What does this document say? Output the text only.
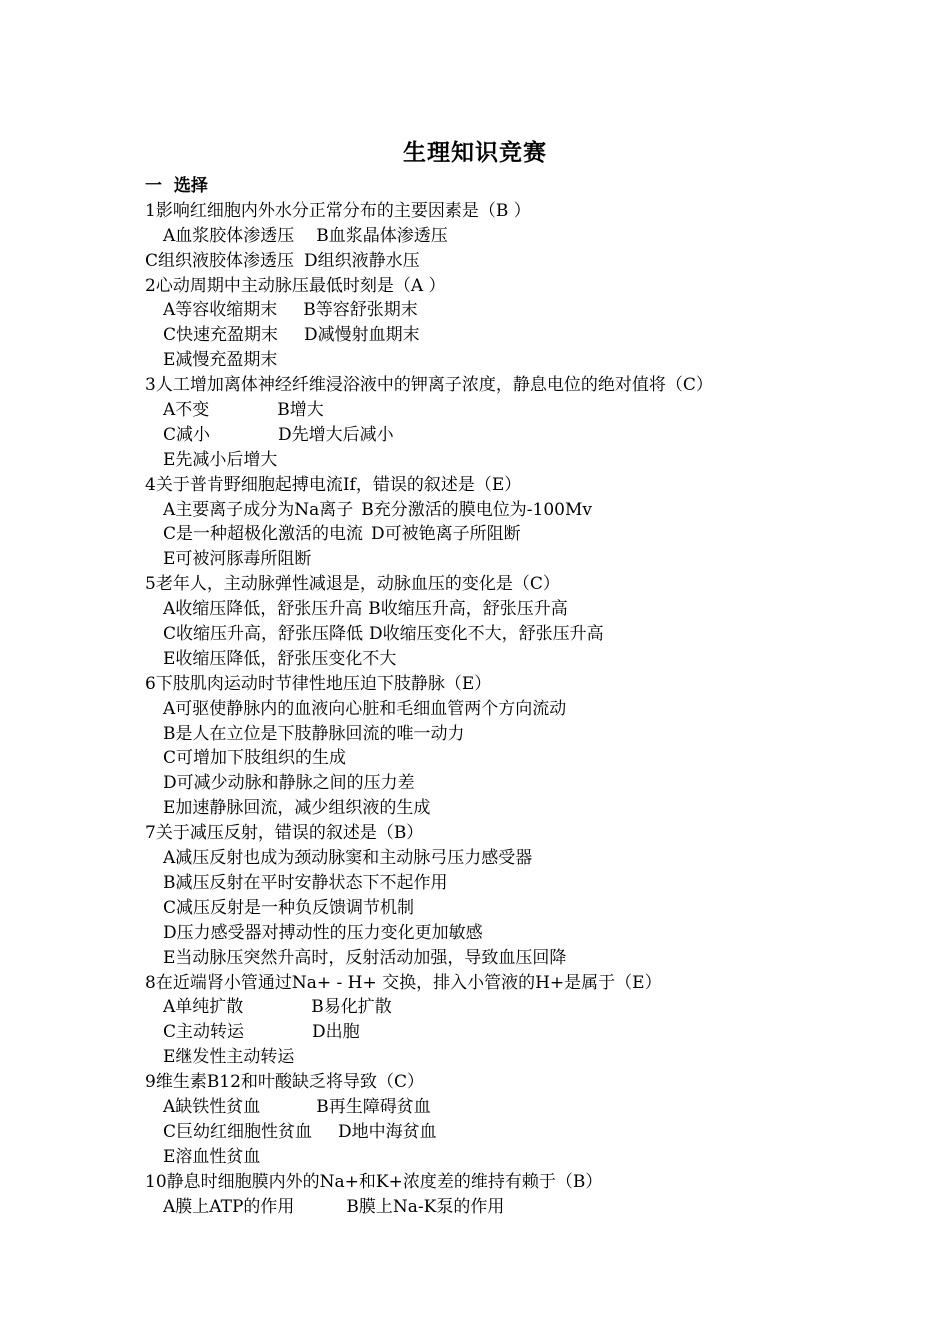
生理知识竞赛
一  选择
1影响红细胞内外水分正常分布的主要因素是（B ）
A血浆胶体渗透压 B血浆晶体渗透压
C组织液胶体渗透压 D组织液静水压
2心动周期中主动脉压最低时刻是（A ）
A等容收缩期末 B等容舒张期末
C快速充盈期末 D减慢射血期末
E减慢充盈期末
3人工增加离体神经纤维浸浴液中的钾离子浓度，静息电位的绝对值将（C）
A不变	B增大
C减小	D先增大后减小
E先减小后增大
4关于普肯野细胞起搏电流If，错误的叙述是（E）
A主要离子成分为Na离子 B充分激活的膜电位为-100Mv
C是一种超极化激活的电流 D可被铯离子所阻断
E可被河豚毒所阻断
5老年人，主动脉弹性减退是，动脉血压的变化是（C）
A收缩压降低，舒张压升高 B收缩压升高，舒张压升高
C收缩压升高，舒张压降低 D收缩压变化不大，舒张压升高
E收缩压降低，舒张压变化不大
6下肢肌肉运动时节律性地压迫下肢静脉（E）
A可驱使静脉内的血液向心脏和毛细血管两个方向流动
B是人在立位是下肢静脉回流的唯一动力
C可增加下肢组织的生成
D可减少动脉和静脉之间的压力差
E加速静脉回流，减少组织液的生成
7关于减压反射，错误的叙述是（B）
A减压反射也成为颈动脉窦和主动脉弓压力感受器
B减压反射在平时安静状态下不起作用
C减压反射是一种负反馈调节机制
D压力感受器对搏动性的压力变化更加敏感
E当动脉压突然升高时，反射活动加强，导致血压回降
8在近端肾小管通过Na+ - H+ 交换，排入小管液的H+是属于（E）
A单纯扩散	B易化扩散
C主动转运	D出胞
E继发性主动转运
9维生素B12和叶酸缺乏将导致（C）
A缺铁性贫血	B再生障碍贫血
C巨幼红细胞性贫血 D地中海贫血
E溶血性贫血
10静息时细胞膜内外的Na+和K+浓度差的维持有赖于（B）
A膜上ATP的作用	B膜上Na-K泵的作用
